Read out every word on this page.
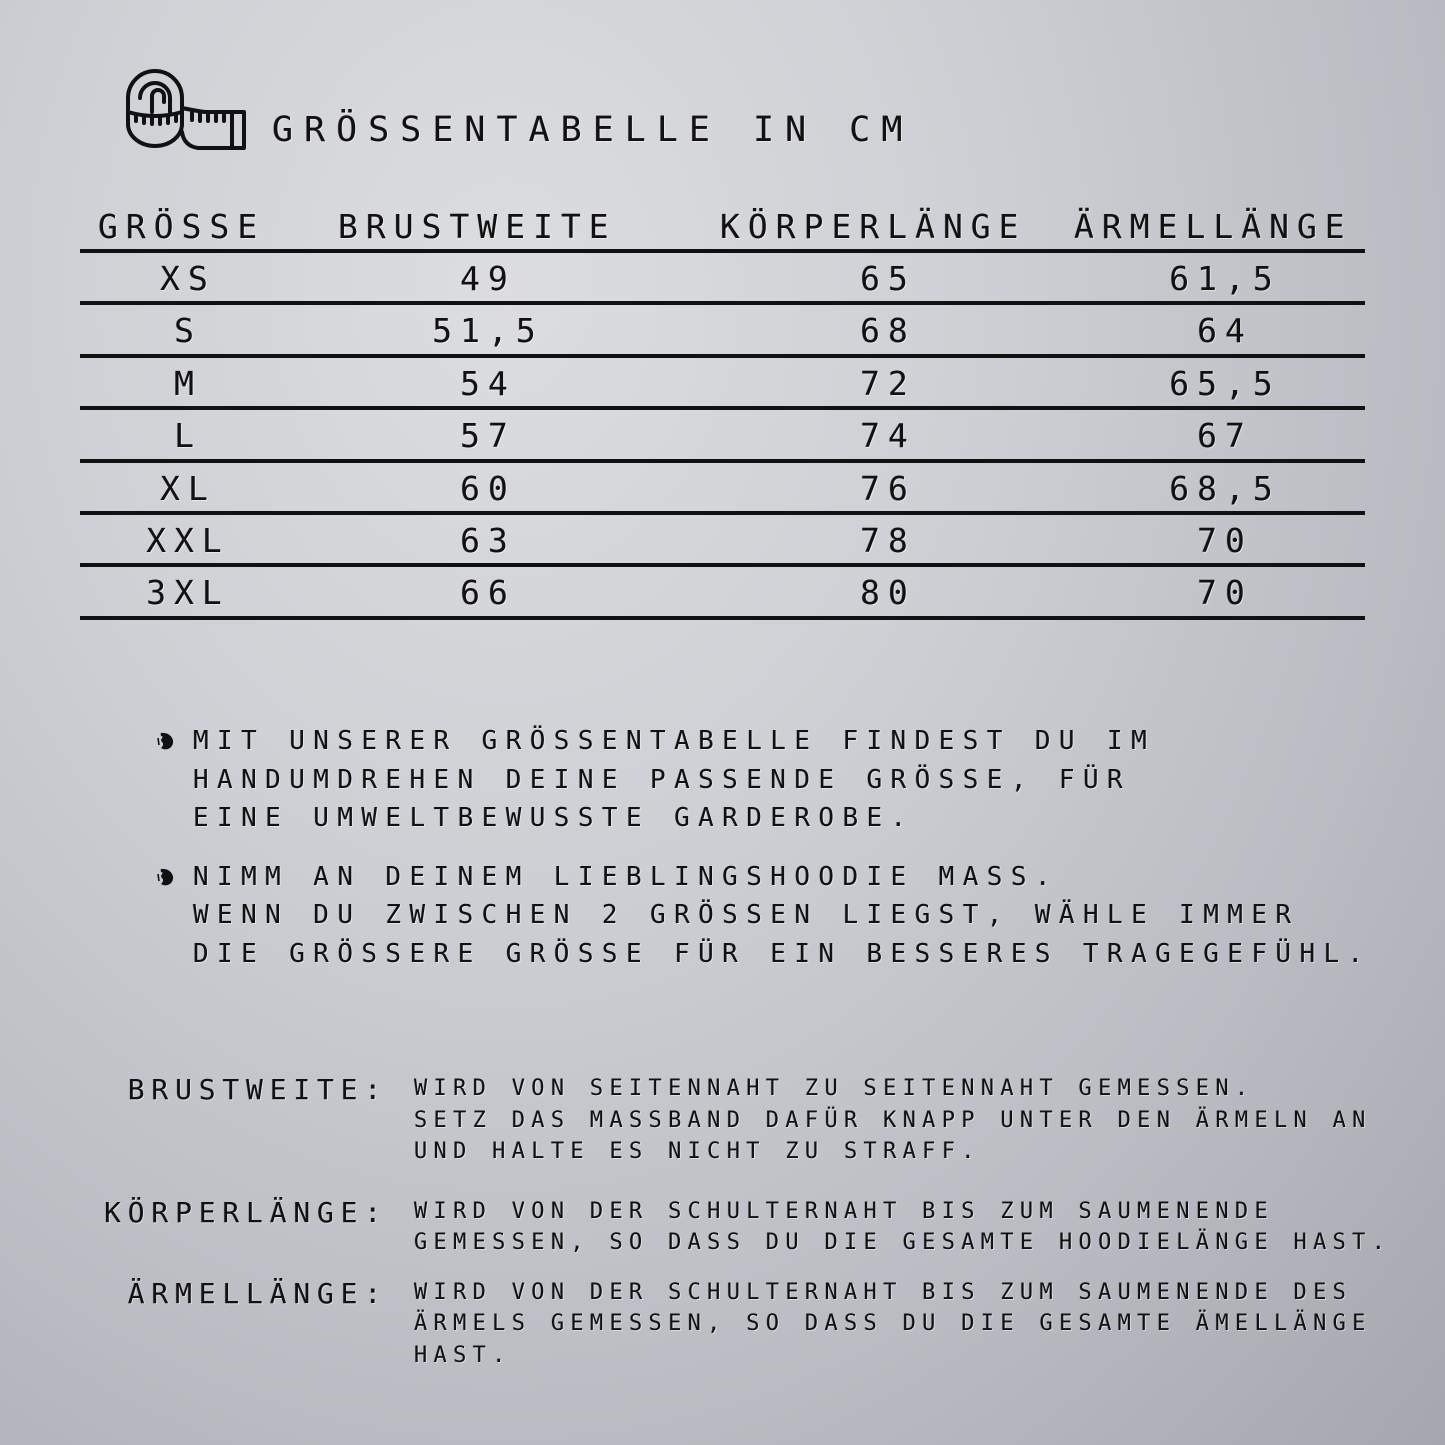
GRÖSSENTABELLE IN CM
GRÖSSE BRUSTWEITE	KÖRPERLÄNGE ÄRMELLÄNGE
XS	49	65	61,5
S	51,5	68	64
M	54	72	65,5
L	57	74	67
XL	60	76	68,5
XXL	63	78	70
3XL	66	80	70
MIT UNSERER GRÖSSENTABELLE FINDEST DU IM
HANDUMDREHEN DEINE PASSENDE GRÖSSE, FÜR
EINE UMWELTBEWUSSTE GARDEROBE.
NIMM AN DEINEM LIEBLINGSHOODIE MASS.
WENN DU ZWISCHEN 2 GRÖSSEN LIEGST, WÄHLE IMMER
DIE GRÖSSERE GRÖSSE FÜR EIN BESSERES TRAGEGEFÜHL.
BRUSTWEITE: WIRD VON SEITENNAHT ZU SEITENNAHT GEMESSEN.
SETZ DAS MASSBAND DAFÜR KNAPP UNTER DEN ÄRMELN AN
UND HALTE ES NICHT ZU STRAFF.
KÖRPERLÄNGE: WIRD VON DER SCHULTERNAHT BIS ZUM SAUMENENDE
GEMESSEN, SO DASS DU DIE GESAMTE HOODIELÄNGE HAST.
ÄRMELLÄNGE: WIRD VON DER SCHULTERNAHT BIS ZUM SAUMENENDE DES
ÄRMELS GEMESSEN, SO DASS DU DIE GESAMTE ÄMELLÄNGE
HAST.
